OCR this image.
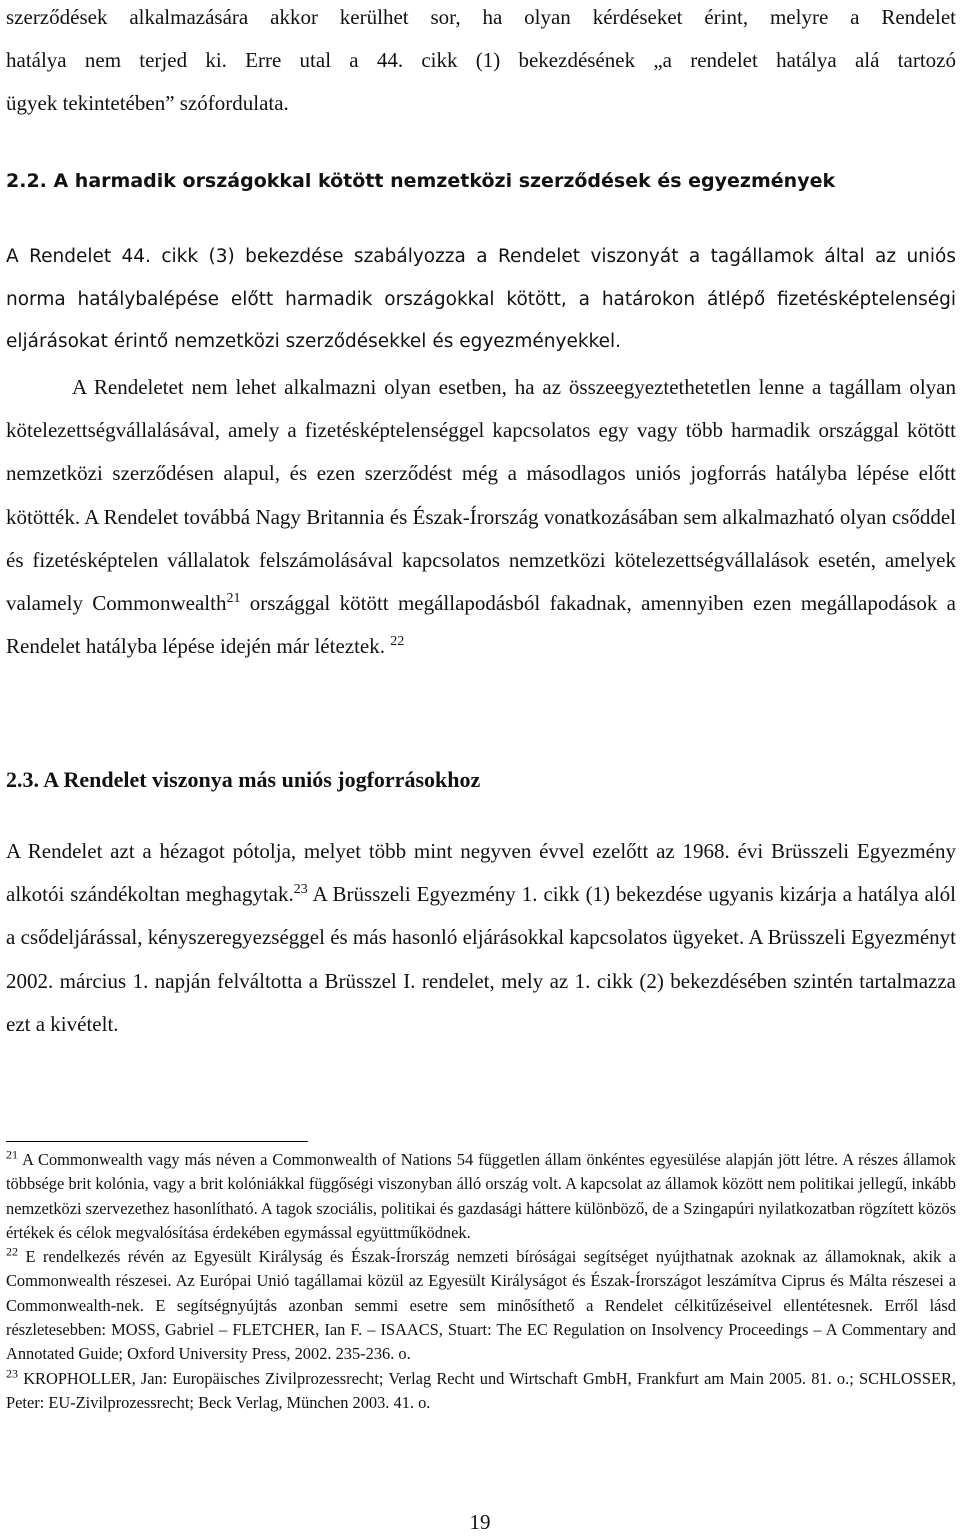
szerződések alkalmazására akkor kerülhet sor, ha olyan kérdéseket érint, melyre a Rendelet

hatálya nem terjed ki. Erre utal a 44. cikk (1) bekezdésének „a rendelet hatálya alá tartozó

ügyek tekintetében” szófordulata.

2.2. A harmadik országokkal kötött nemzetközi szerződések és egyezmények

A Rendelet 44. cikk (3) bekezdése szabályozza a Rendelet viszonyát a tagállamok által az uniós norma hatálybalépése előtt harmadik országokkal kötött, a határokon átlépő fizetésképtelenségi eljárásokat érintő nemzetközi szerződésekkel és egyezményekkel.

A Rendeletet nem lehet alkalmazni olyan esetben, ha az összeegyeztethetetlen lenne a tagállam olyan kötelezettségvállalásával, amely a fizetésképtelenséggel kapcsolatos egy vagy több harmadik országgal kötött nemzetközi szerződésen alapul, és ezen szerződést még a másodlagos uniós jogforrás hatályba lépése előtt kötötték. A Rendelet továbbá Nagy Britannia és Észak-Írország vonatkozásában sem alkalmazható olyan csőddel és fizetésképtelen vállalatok felszámolásával kapcsolatos nemzetközi kötelezettségvállalások esetén, amelyek valamely Commonwealth$^{21}$ országgal kötött megállapodásból fakadnak, amennyiben ezen megállapodások a Rendelet hatályba lépése idején már léteztek. $^{22}$

2.3. A Rendelet viszonya más uniós jogforrásokhoz

A Rendelet azt a hézagot pótolja, melyet több mint negyven évvel ezelőtt az 1968. évi Brüsszeli Egyezmény alkotói szándékoltan meghagytak.$^{23}$ A Brüsszeli Egyezmény 1. cikk (1) bekezdése ugyanis kizárja a hatálya alól a csődeljárással, kényszeregyezséggel és más hasonló eljárásokkal kapcsolatos ügyeket. A Brüsszeli Egyezményt 2002. március 1. napján felváltotta a Brüsszel I. rendelet, mely az 1. cikk (2) bekezdésében szintén tartalmazza ezt a kivételt.

$^{21}$ A Commonwealth vagy más néven a Commonwealth of Nations 54 független állam önkéntes egyesülése alapján jött létre. A részes államok többsége brit kolónia, vagy a brit kolóniákkal függőségi viszonyban álló ország volt. A kapcsolat az államok között nem politikai jellegű, inkább nemzetközi szervezethez hasonlítható. A tagok szociális, politikai és gazdasági háttere különböző, de a Szingapúri nyilatkozatban rögzített közös értékek és célok megvalósítása érdekében egymással együttműködnek.

$^{22}$ E rendelkezés révén az Egyesült Királyság és Észak-Írország nemzeti bíróságai segítséget nyújthatnak azoknak az államoknak, akik a Commonwealth részesei. Az Európai Unió tagállamai közül az Egyesült Királyságot és Észak-Írországot leszámítva Ciprus és Málta részesei a Commonwealth-nek. E segítségnyújtás azonban semmi esetre sem minősíthető a Rendelet célkitűzéseivel ellentétesnek. Erről lásd részletesebben: MOSS, Gabriel – FLETCHER, Ian F. – ISAACS, Stuart: The EC Regulation on Insolvency Proceedings – A Commentary and Annotated Guide; Oxford University Press, 2002. 235-236. o.

$^{23}$ KROPHOLLER, Jan: Europäisches Zivilprozessrecht; Verlag Recht und Wirtschaft GmbH, Frankfurt am Main 2005. 81. o.; SCHLOSSER, Peter: EU-Zivilprozessrecht; Beck Verlag, München 2003. 41. o.

19
